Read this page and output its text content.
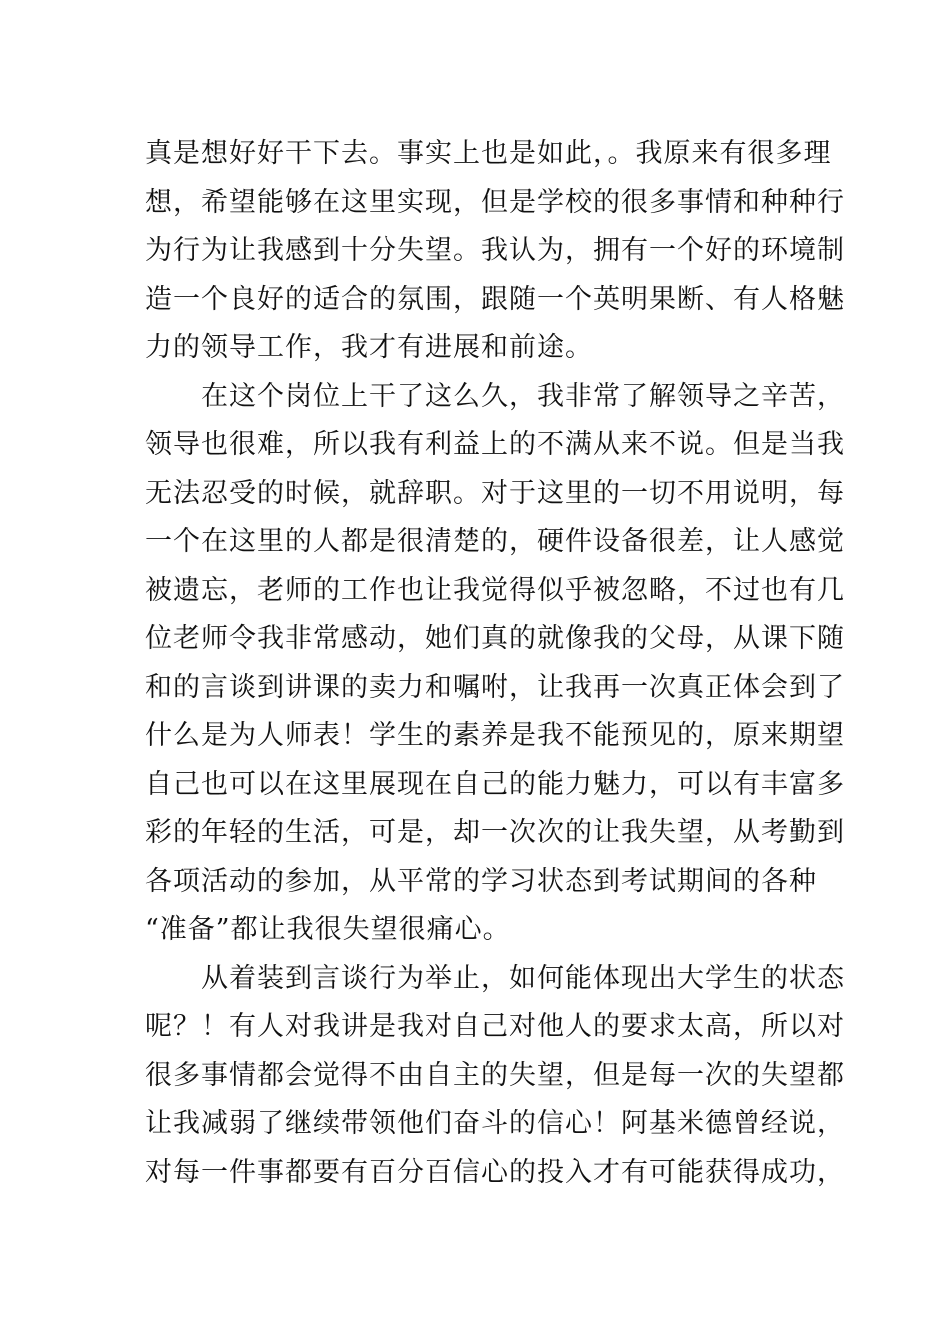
真是想好好干下去。事实上也是如此，。我原来有很多理
想，希望能够在这里实现，但是学校的很多事情和种种行
为行为让我感到十分失望。我认为，拥有一个好的环境制
造一个良好的适合的氛围，跟随一个英明果断、有人格魅
力的领导工作，我才有进展和前途。
在这个岗位上干了这么久，我非常了解领导之辛苦，
领导也很难，所以我有利益上的不满从来不说。但是当我
无法忍受的时候，就辞职。对于这里的一切不用说明，每
一个在这里的人都是很清楚的，硬件设备很差，让人感觉
被遗忘，老师的工作也让我觉得似乎被忽略，不过也有几
位老师令我非常感动，她们真的就像我的父母，从课下随
和的言谈到讲课的卖力和嘱咐，让我再一次真正体会到了
什么是为人师表！学生的素养是我不能预见的，原来期望
自己也可以在这里展现在自己的能力魅力，可以有丰富多
彩的年轻的生活，可是，却一次次的让我失望，从考勤到
各项活动的参加，从平常的学习状态到考试期间的各种
“准备”都让我很失望很痛心。
从着装到言谈行为举止，如何能体现出大学生的状态
呢？！有人对我讲是我对自己对他人的要求太高，所以对
很多事情都会觉得不由自主的失望，但是每一次的失望都
让我减弱了继续带领他们奋斗的信心！阿基米德曾经说，
对每一件事都要有百分百信心的投入才有可能获得成功，
